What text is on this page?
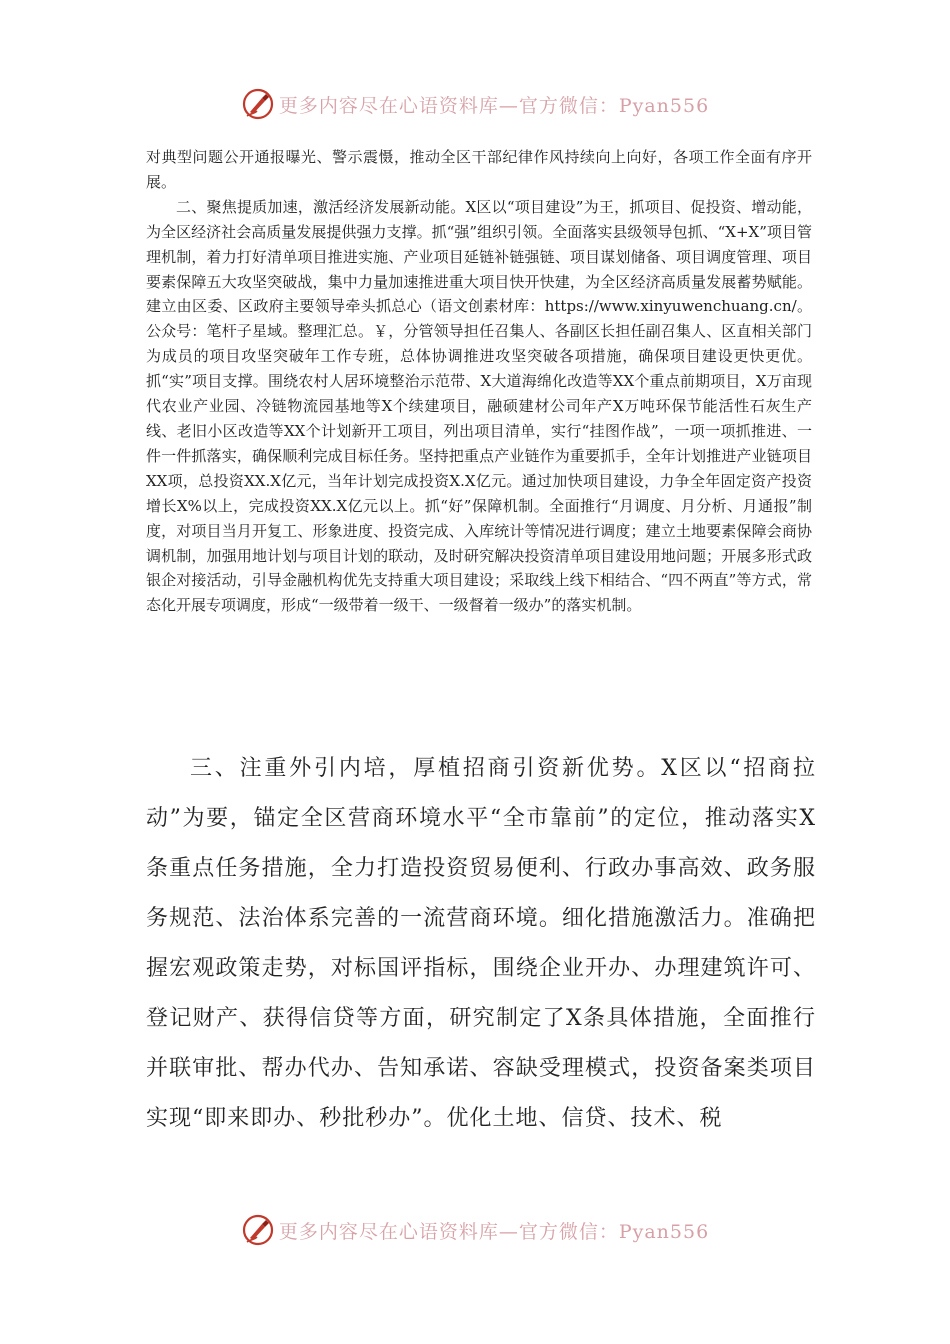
更多内容尽在心语资料库—官方微信：Pyan556

对典型问题公开通报曝光、警示震慑，推动全区干部纪律作风持续向上向好，各项工作全面有序开展。

二、聚焦提质加速，激活经济发展新动能。X区以“项目建设”为王，抓项目、促投资、增动能，为全区经济社会高质量发展提供强力支撑。抓“强”组织引领。全面落实县级领导包抓、“X+X”项目管理机制，着力打好清单项目推进实施、产业项目延链补链强链、项目谋划储备、项目调度管理、项目要素保障五大攻坚突破战，集中力量加速推进重大项目快开快建，为全区经济高质量发展蓄势赋能。建立由区委、区政府主要领导牵头抓总心（语文创素材库：https://www.xinyuwenchuang.cn/。公众号：笔杆子星域。整理汇总。￥，分管领导担任召集人、各副区长担任副召集人、区直相关部门为成员的项目攻坚突破年工作专班，总体协调推进攻坚突破各项措施，确保项目建设更快更优。抓“实”项目支撑。围绕农村人居环境整治示范带、X大道海绵化改造等XX个重点前期项目，X万亩现代农业产业园、冷链物流园基地等X个续建项目，融硕建材公司年产X万吨环保节能活性石灰生产线、老旧小区改造等XX个计划新开工项目，列出项目清单，实行“挂图作战”，一项一项抓推进、一件一件抓落实，确保顺利完成目标任务。坚持把重点产业链作为重要抓手，全年计划推进产业链项目XX项，总投资XX.X亿元，当年计划完成投资X.X亿元。通过加快项目建设，力争全年固定资产投资增长X%以上，完成投资XX.X亿元以上。抓“好”保障机制。全面推行“月调度、月分析、月通报”制度，对项目当月开复工、形象进度、投资完成、入库统计等情况进行调度；建立土地要素保障会商协调机制，加强用地计划与项目计划的联动，及时研究解决投资清单项目建设用地问题；开展多形式政银企对接活动，引导金融机构优先支持重大项目建设；采取线上线下相结合、“四不两直”等方式，常态化开展专项调度，形成“一级带着一级干、一级督着一级办”的落实机制。

三、注重外引内培，厚植招商引资新优势。X区以“招商拉动”为要，锚定全区营商环境水平“全市靠前”的定位，推动落实X条重点任务措施，全力打造投资贸易便利、行政办事高效、政务服务规范、法治体系完善的一流营商环境。细化措施激活力。准确把握宏观政策走势，对标国评指标，围绕企业开办、办理建筑许可、登记财产、获得信贷等方面，研究制定了X条具体措施，全面推行并联审批、帮办代办、告知承诺、容缺受理模式，投资备案类项目实现“即来即办、秒批秒办”。优化土地、信贷、技术、税

更多内容尽在心语资料库—官方微信：Pyan556
